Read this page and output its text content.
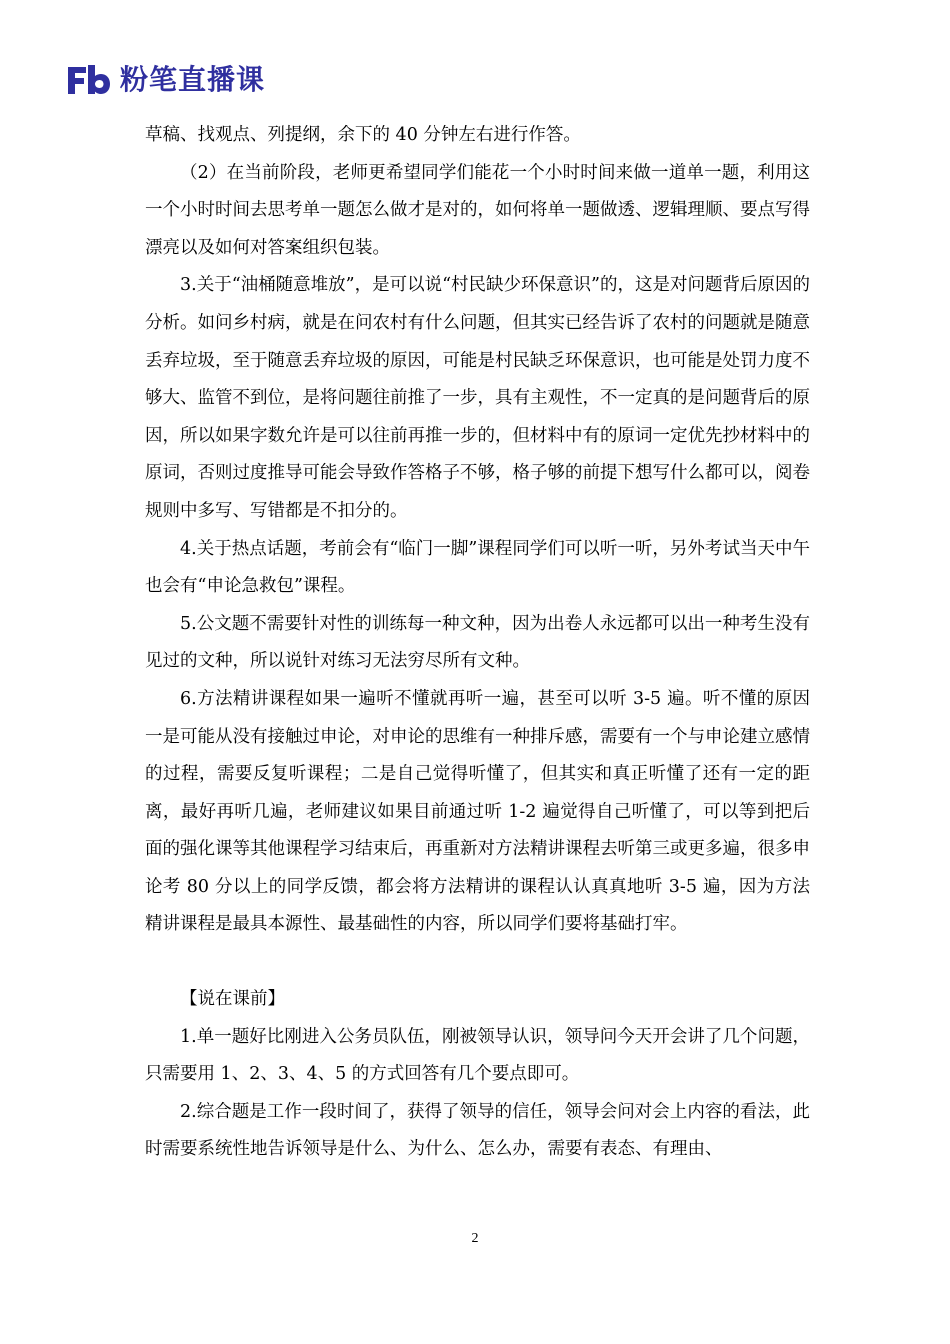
粉笔直播课

草稿、找观点、列提纲，余下的 40 分钟左右进行作答。

（2）在当前阶段，老师更希望同学们能花一个小时时间来做一道单一题，利用这一个小时时间去思考单一题怎么做才是对的，如何将单一题做透、逻辑理顺、要点写得漂亮以及如何对答案组织包装。

3.关于“油桶随意堆放”，是可以说“村民缺少环保意识”的，这是对问题背后原因的分析。如问乡村病，就是在问农村有什么问题，但其实已经告诉了农村的问题就是随意丢弃垃圾，至于随意丢弃垃圾的原因，可能是村民缺乏环保意识，也可能是处罚力度不够大、监管不到位，是将问题往前推了一步，具有主观性，不一定真的是问题背后的原因，所以如果字数允许是可以往前再推一步的，但材料中有的原词一定优先抄材料中的原词，否则过度推导可能会导致作答格子不够，格子够的前提下想写什么都可以，阅卷规则中多写、写错都是不扣分的。

4.关于热点话题，考前会有“临门一脚”课程同学们可以听一听，另外考试当天中午也会有“申论急救包”课程。

5.公文题不需要针对性的训练每一种文种，因为出卷人永远都可以出一种考生没有见过的文种，所以说针对练习无法穷尽所有文种。

6.方法精讲课程如果一遍听不懂就再听一遍，甚至可以听 3-5 遍。听不懂的原因一是可能从没有接触过申论，对申论的思维有一种排斥感，需要有一个与申论建立感情的过程，需要反复听课程；二是自己觉得听懂了，但其实和真正听懂了还有一定的距离，最好再听几遍，老师建议如果目前通过听 1-2 遍觉得自己听懂了，可以等到把后面的强化课等其他课程学习结束后，再重新对方法精讲课程去听第三或更多遍，很多申论考 80 分以上的同学反馈，都会将方法精讲的课程认认真真地听 3-5 遍，因为方法精讲课程是最具本源性、最基础性的内容，所以同学们要将基础打牢。

【说在课前】

1.单一题好比刚进入公务员队伍，刚被领导认识，领导问今天开会讲了几个问题，只需要用 1、2、3、4、5 的方式回答有几个要点即可。

2.综合题是工作一段时间了，获得了领导的信任，领导会问对会上内容的看法，此时需要系统性地告诉领导是什么、为什么、怎么办，需要有表态、有理由、

2
